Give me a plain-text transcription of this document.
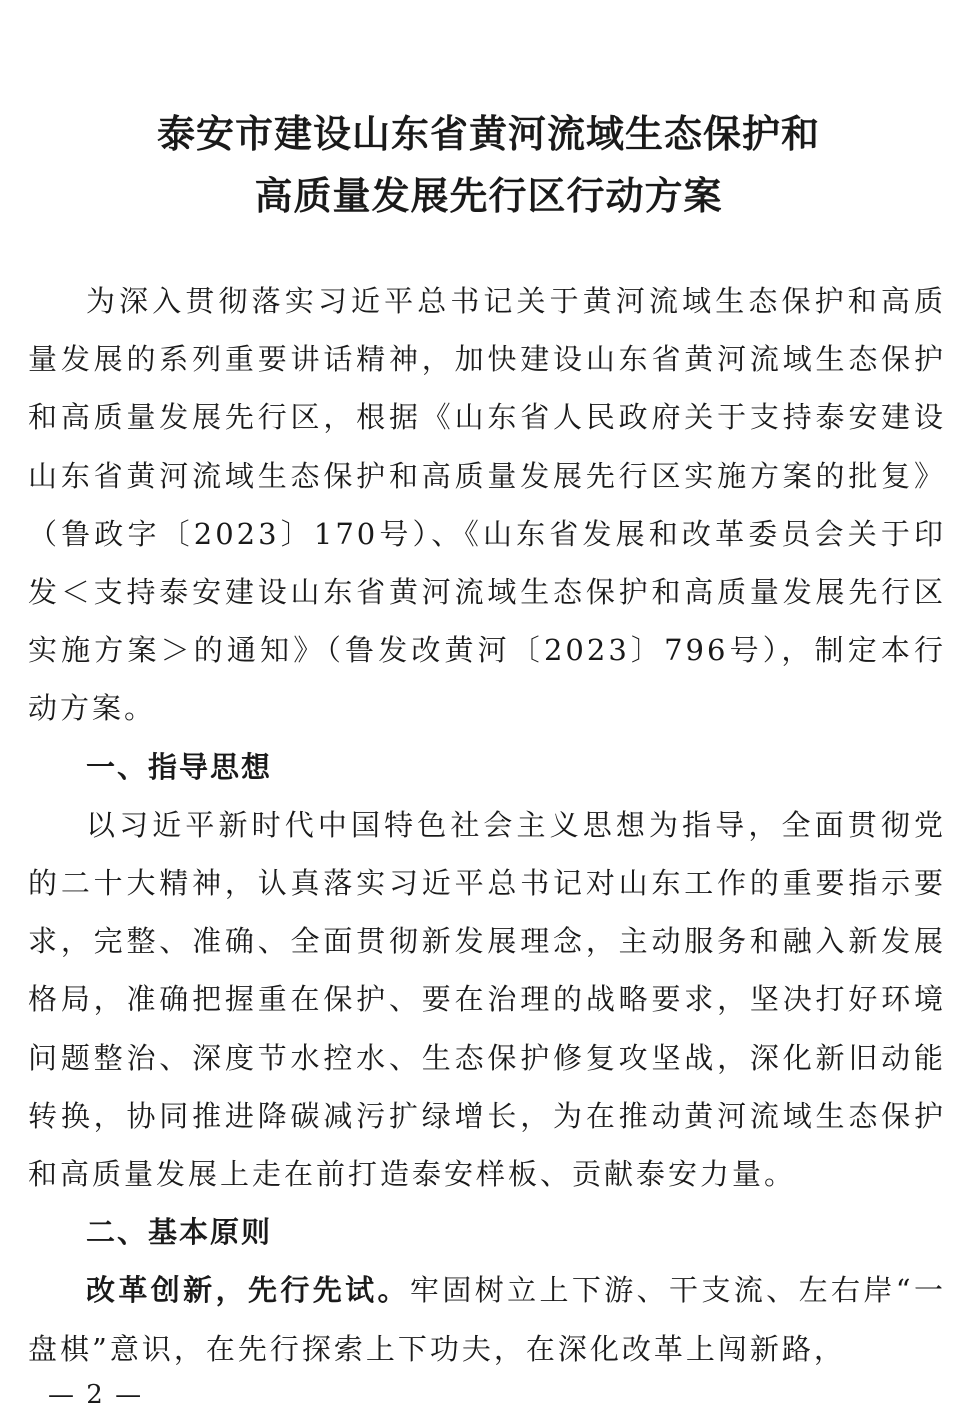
泰安市建设山东省黄河流域生态保护和
高质量发展先行区行动方案

为深入贯彻落实习近平总书记关于黄河流域生态保护和高质量发展的系列重要讲话精神，加快建设山东省黄河流域生态保护和高质量发展先行区，根据《山东省人民政府关于支持泰安建设山东省黄河流域生态保护和高质量发展先行区实施方案的批复》（鲁政字〔2023〕170号）、《山东省发展和改革委员会关于印发＜支持泰安建设山东省黄河流域生态保护和高质量发展先行区实施方案＞的通知》（鲁发改黄河〔2023〕796号），制定本行动方案。

一、指导思想

以习近平新时代中国特色社会主义思想为指导，全面贯彻党的二十大精神，认真落实习近平总书记对山东工作的重要指示要求，完整、准确、全面贯彻新发展理念，主动服务和融入新发展格局，准确把握重在保护、要在治理的战略要求，坚决打好环境问题整治、深度节水控水、生态保护修复攻坚战，深化新旧动能转换，协同推进降碳减污扩绿增长，为在推动黄河流域生态保护和高质量发展上走在前打造泰安样板、贡献泰安力量。

二、基本原则

改革创新，先行先试。牢固树立上下游、干支流、左右岸“一盘棋”意识，在先行探索上下功夫，在深化改革上闯新路，

— 2 —
